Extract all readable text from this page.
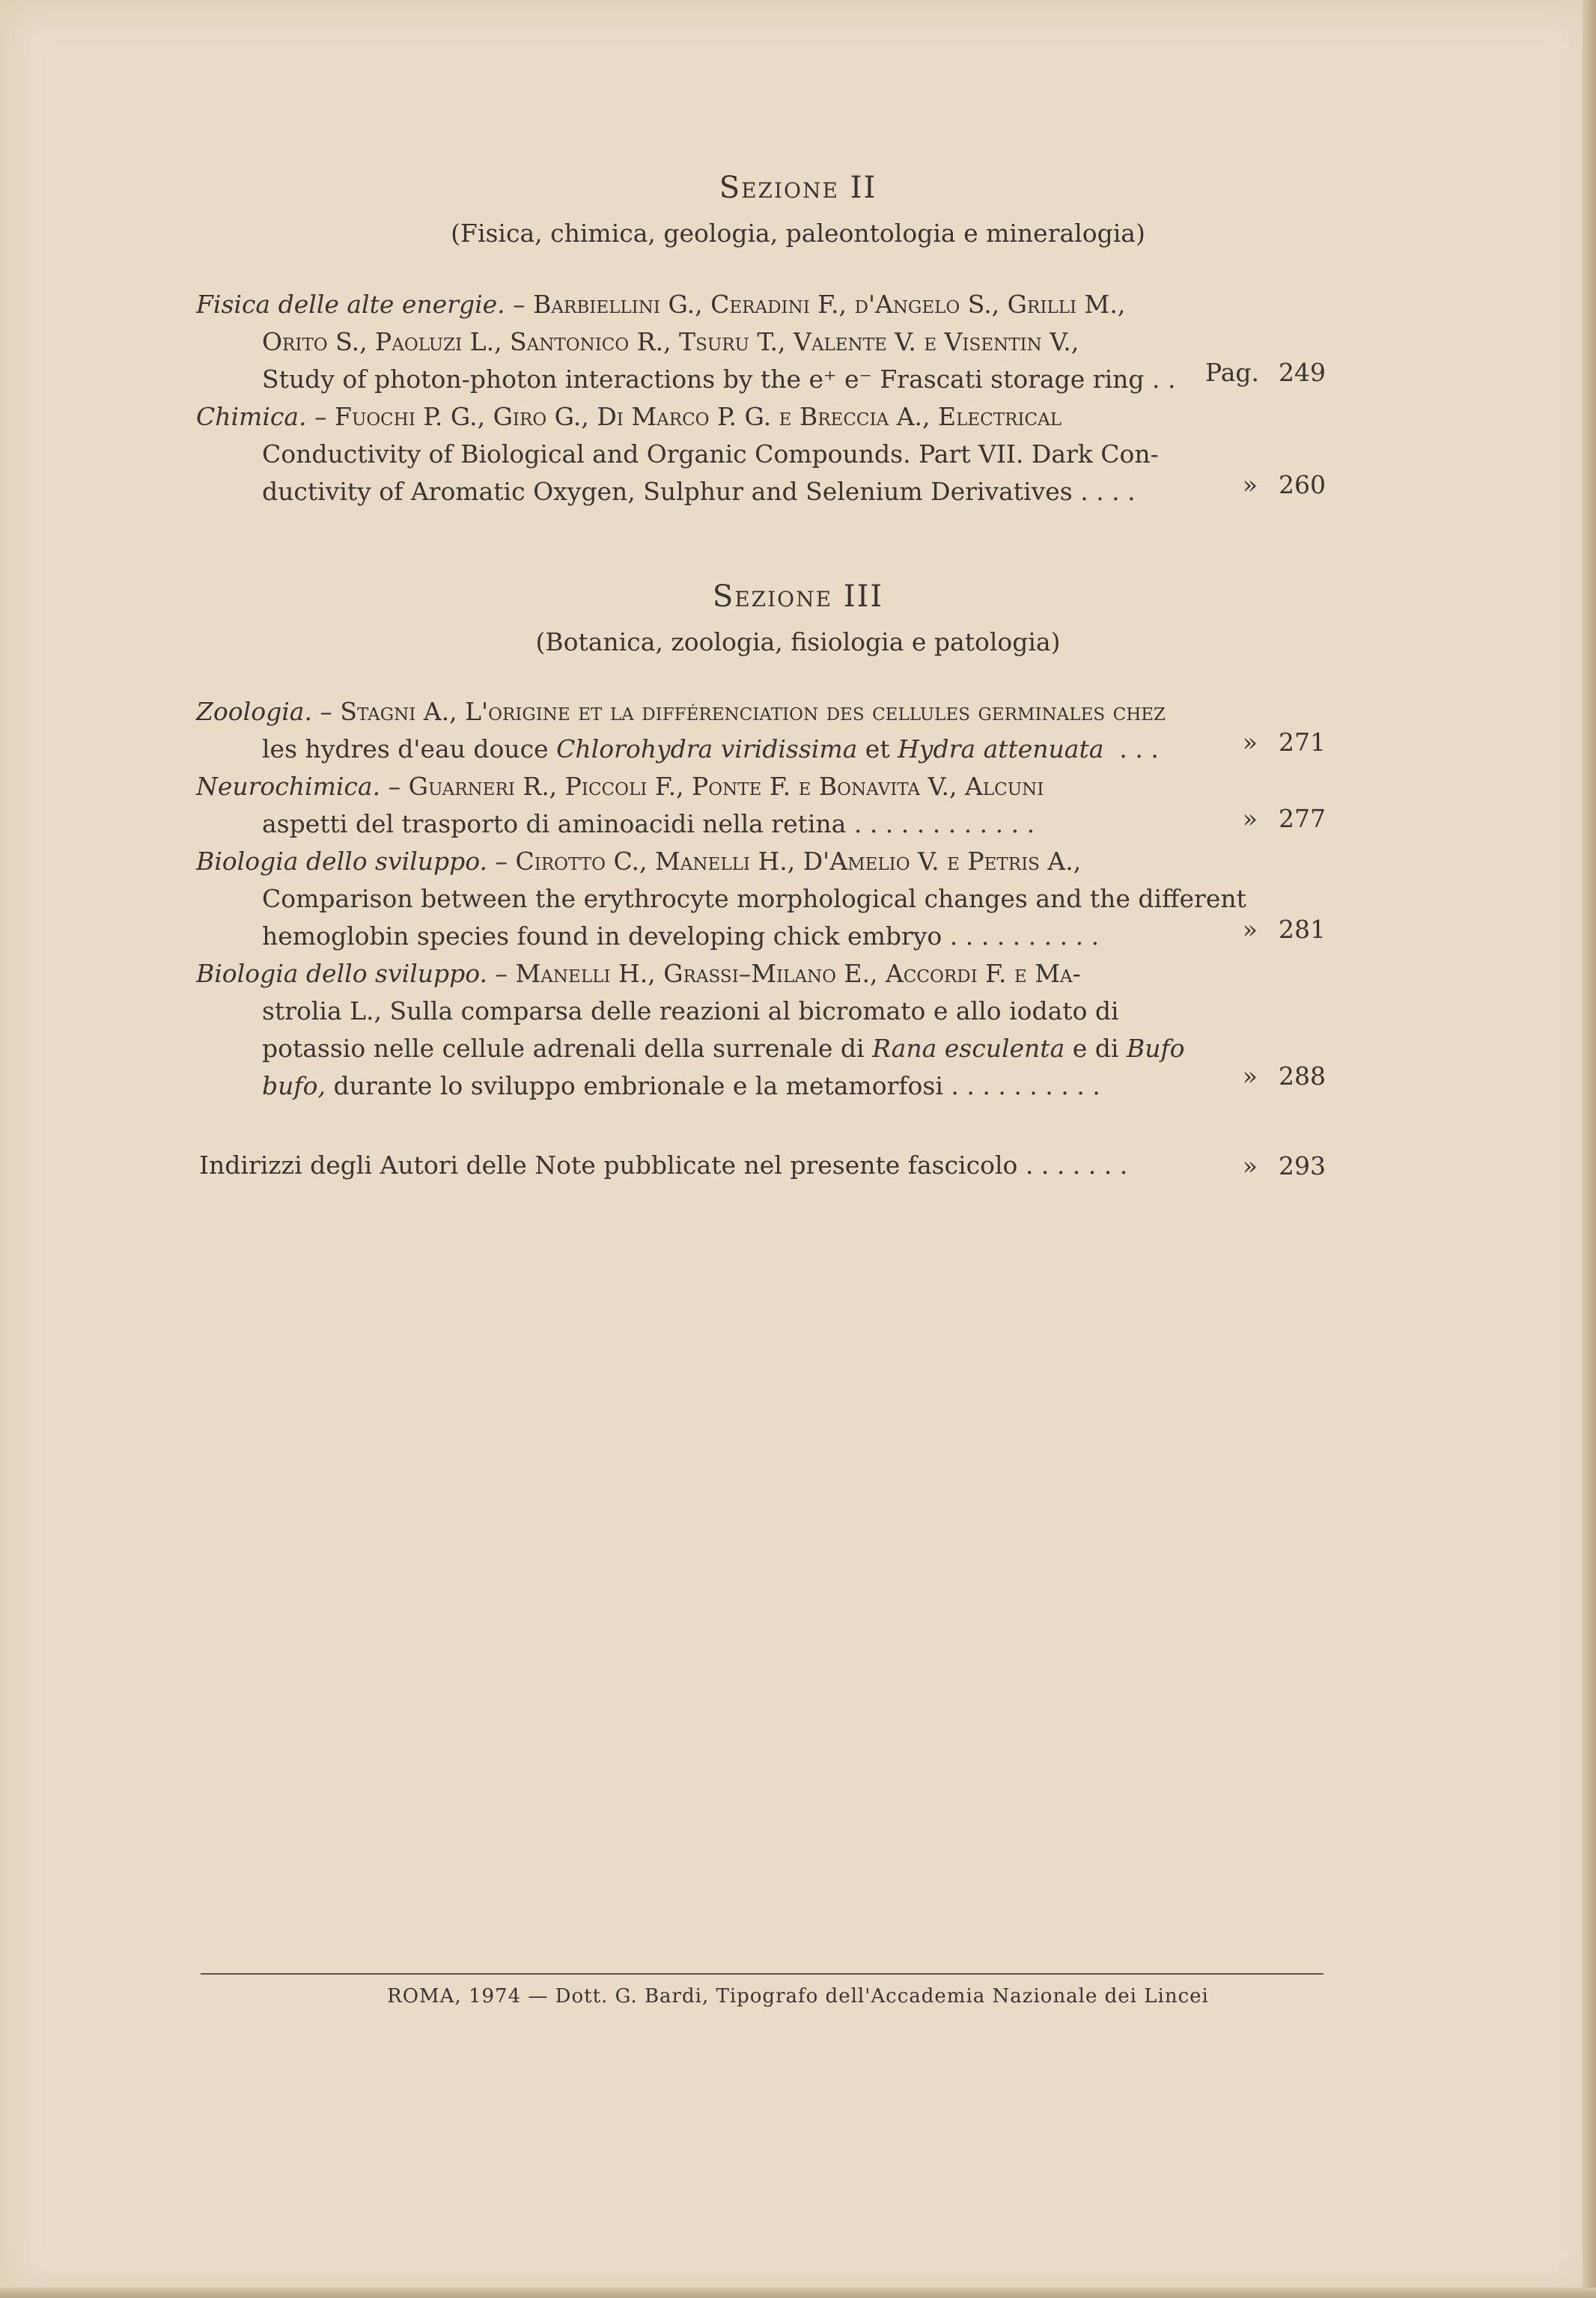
Sezione II
(Fisica, chimica, geologia, paleontologia e mineralogia)
Fisica delle alte energie. – Barbiellini G., Ceradini F., d'Angelo S., Grilli M.,
Orito S., Paoluzi L., Santonico R., Tsuru T., Valente V. e Visentin V.,
Study of photon-photon interactions by the e⁺ e⁻ Frascati storage ring . .	Pag. 249
Chimica. – Fuochi P. G., Giro G., Di Marco P. G. e Breccia A., Electrical
Conductivity of Biological and Organic Compounds. Part VII. Dark Con-
ductivity of Aromatic Oxygen, Sulphur and Selenium Derivatives . . . .	» 260
Sezione III
(Botanica, zoologia, fisiologia e patologia)
Zoologia. – Stagni A., L'origine et la différenciation des cellules germinales chez
les hydres d'eau douce
Chlorohydra viridissima
et
Hydra attenuata
. . .	» 271
Neurochimica. – Guarneri R., Piccoli F., Ponte F. e Bonavita V., Alcuni
aspetti del trasporto di aminoacidi nella retina . . . . . . . . . . . .	» 277
Biologia dello sviluppo. – Cirotto C., Manelli H., D'Amelio V. e Petris A.,
Comparison between the erythrocyte morphological changes and the different
hemoglobin species found in developing chick embryo . . . . . . . . . .	» 281
Biologia dello sviluppo. – Manelli H., Grassi–Milano E., Accordi F. e Ma-
strolia L., Sulla comparsa delle reazioni al bicromato e allo iodato di
potassio nelle cellule adrenali della surrenale di
Rana esculenta
e di
Bufo
bufo,
durante lo sviluppo embrionale e la metamorfosi . . . . . . . . . .	» 288
Indirizzi degli Autori delle Note pubblicate nel presente fascicolo . . . . . . .	» 293
ROMA, 1974 — Dott. G. Bardi, Tipografo dell'Accademia Nazionale dei Lincei
